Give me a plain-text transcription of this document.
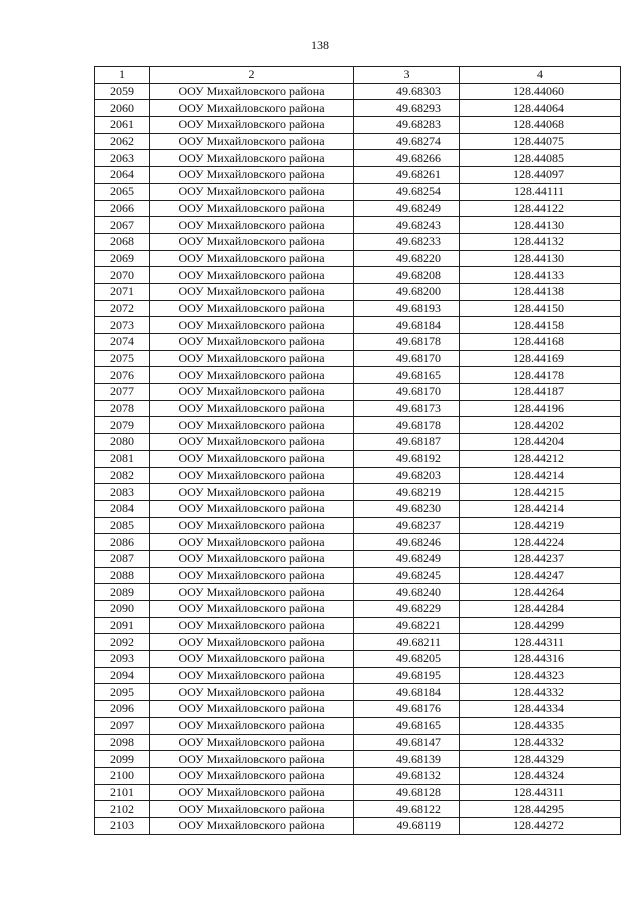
138
1	2	3	4
2059	ООУ Михайловского района	49.68303	128.44060
2060	ООУ Михайловского района	49.68293	128.44064
2061	ООУ Михайловского района	49.68283	128.44068
2062	ООУ Михайловского района	49.68274	128.44075
2063	ООУ Михайловского района	49.68266	128.44085
2064	ООУ Михайловского района	49.68261	128.44097
2065	ООУ Михайловского района	49.68254	128.44111
2066	ООУ Михайловского района	49.68249	128.44122
2067	ООУ Михайловского района	49.68243	128.44130
2068	ООУ Михайловского района	49.68233	128.44132
2069	ООУ Михайловского района	49.68220	128.44130
2070	ООУ Михайловского района	49.68208	128.44133
2071	ООУ Михайловского района	49.68200	128.44138
2072	ООУ Михайловского района	49.68193	128.44150
2073	ООУ Михайловского района	49.68184	128.44158
2074	ООУ Михайловского района	49.68178	128.44168
2075	ООУ Михайловского района	49.68170	128.44169
2076	ООУ Михайловского района	49.68165	128.44178
2077	ООУ Михайловского района	49.68170	128.44187
2078	ООУ Михайловского района	49.68173	128.44196
2079	ООУ Михайловского района	49.68178	128.44202
2080	ООУ Михайловского района	49.68187	128.44204
2081	ООУ Михайловского района	49.68192	128.44212
2082	ООУ Михайловского района	49.68203	128.44214
2083	ООУ Михайловского района	49.68219	128.44215
2084	ООУ Михайловского района	49.68230	128.44214
2085	ООУ Михайловского района	49.68237	128.44219
2086	ООУ Михайловского района	49.68246	128.44224
2087	ООУ Михайловского района	49.68249	128.44237
2088	ООУ Михайловского района	49.68245	128.44247
2089	ООУ Михайловского района	49.68240	128.44264
2090	ООУ Михайловского района	49.68229	128.44284
2091	ООУ Михайловского района	49.68221	128.44299
2092	ООУ Михайловского района	49.68211	128.44311
2093	ООУ Михайловского района	49.68205	128.44316
2094	ООУ Михайловского района	49.68195	128.44323
2095	ООУ Михайловского района	49.68184	128.44332
2096	ООУ Михайловского района	49.68176	128.44334
2097	ООУ Михайловского района	49.68165	128.44335
2098	ООУ Михайловского района	49.68147	128.44332
2099	ООУ Михайловского района	49.68139	128.44329
2100	ООУ Михайловского района	49.68132	128.44324
2101	ООУ Михайловского района	49.68128	128.44311
2102	ООУ Михайловского района	49.68122	128.44295
2103	ООУ Михайловского района	49.68119	128.44272
